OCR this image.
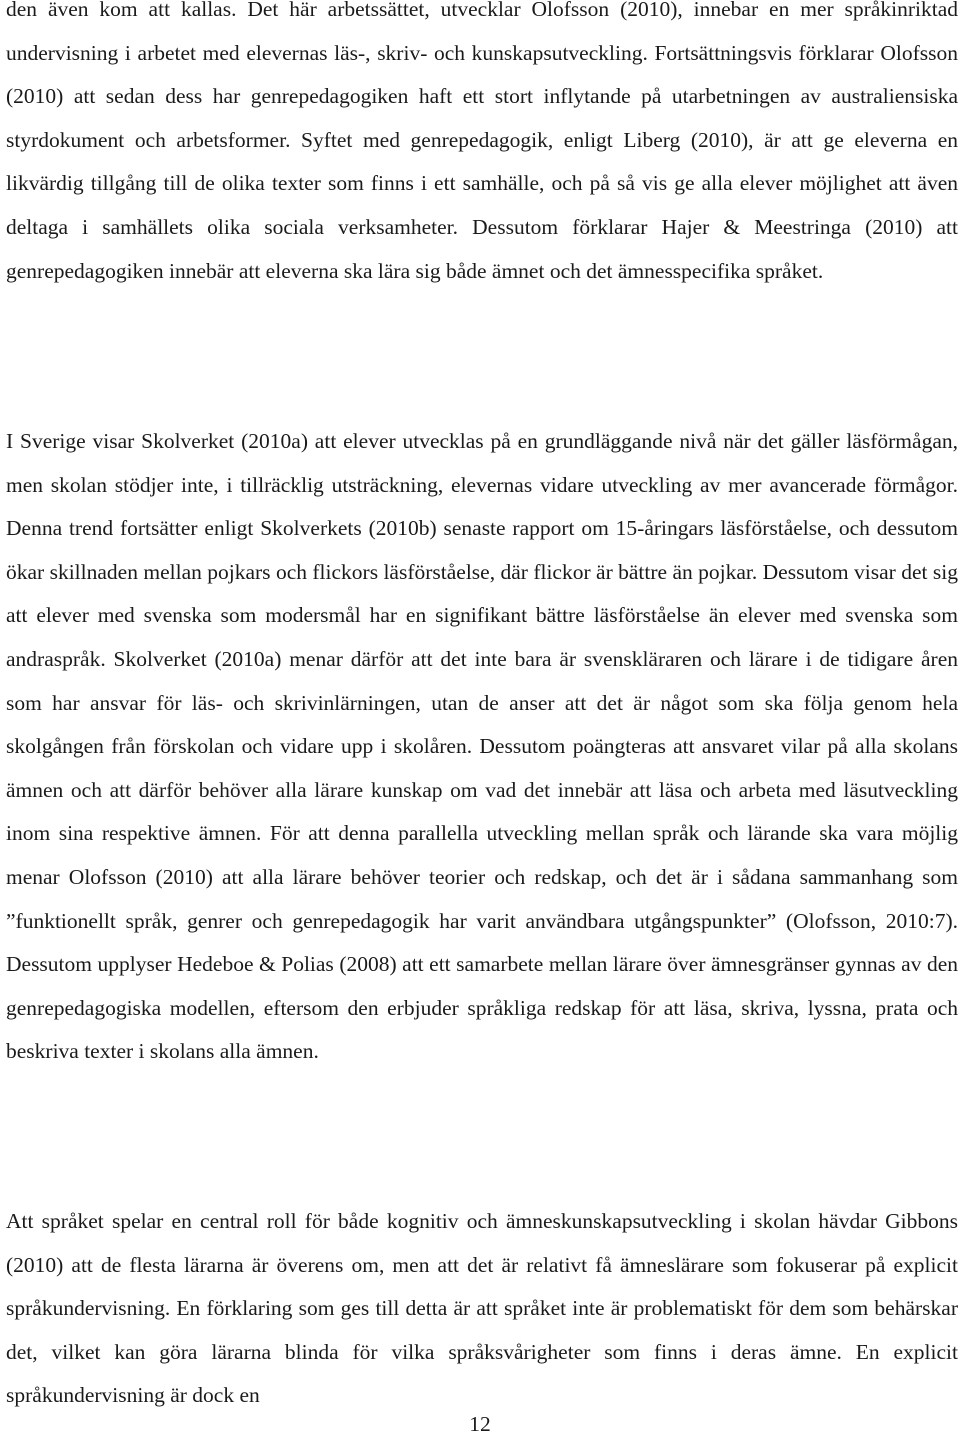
den även kom att kallas. Det här arbetssättet, utvecklar Olofsson (2010), innebar en mer språkinriktad undervisning i arbetet med elevernas läs-, skriv- och kunskapsutveckling. Fortsättningsvis förklarar Olofsson (2010) att sedan dess har genrepedagogiken haft ett stort inflytande på utarbetningen av australiensiska styrdokument och arbetsformer. Syftet med genrepedagogik, enligt Liberg (2010), är att ge eleverna en likvärdig tillgång till de olika texter som finns i ett samhälle, och på så vis ge alla elever möjlighet att även deltaga i samhällets olika sociala verksamheter. Dessutom förklarar Hajer & Meestringa (2010) att genrepedagogiken innebär att eleverna ska lära sig både ämnet och det ämnesspecifika språket.

I Sverige visar Skolverket (2010a) att elever utvecklas på en grundläggande nivå när det gäller läsförmågan, men skolan stödjer inte, i tillräcklig utsträckning, elevernas vidare utveckling av mer avancerade förmågor. Denna trend fortsätter enligt Skolverkets (2010b) senaste rapport om 15-åringars läsförståelse, och dessutom ökar skillnaden mellan pojkars och flickors läsförståelse, där flickor är bättre än pojkar. Dessutom visar det sig att elever med svenska som modersmål har en signifikant bättre läsförståelse än elever med svenska som andraspråk. Skolverket (2010a) menar därför att det inte bara är svenskläraren och lärare i de tidigare åren som har ansvar för läs- och skrivinlärningen, utan de anser att det är något som ska följa genom hela skolgången från förskolan och vidare upp i skolåren. Dessutom poängteras att ansvaret vilar på alla skolans ämnen och att därför behöver alla lärare kunskap om vad det innebär att läsa och arbeta med läsutveckling inom sina respektive ämnen. För att denna parallella utveckling mellan språk och lärande ska vara möjlig menar Olofsson (2010) att alla lärare behöver teorier och redskap, och det är i sådana sammanhang som ”funktionellt språk, genrer och genrepedagogik har varit användbara utgångspunkter” (Olofsson, 2010:7). Dessutom upplyser Hedeboe & Polias (2008) att ett samarbete mellan lärare över ämnesgränser gynnas av den genrepedagogiska modellen, eftersom den erbjuder språkliga redskap för att läsa, skriva, lyssna, prata och beskriva texter i skolans alla ämnen.

Att språket spelar en central roll för både kognitiv och ämneskunskapsutveckling i skolan hävdar Gibbons (2010) att de flesta lärarna är överens om, men att det är relativt få ämneslärare som fokuserar på explicit språkundervisning. En förklaring som ges till detta är att språket inte är problematiskt för dem som behärskar det, vilket kan göra lärarna blinda för vilka språksvårigheter som finns i deras ämne. En explicit språkundervisning är dock en

12
